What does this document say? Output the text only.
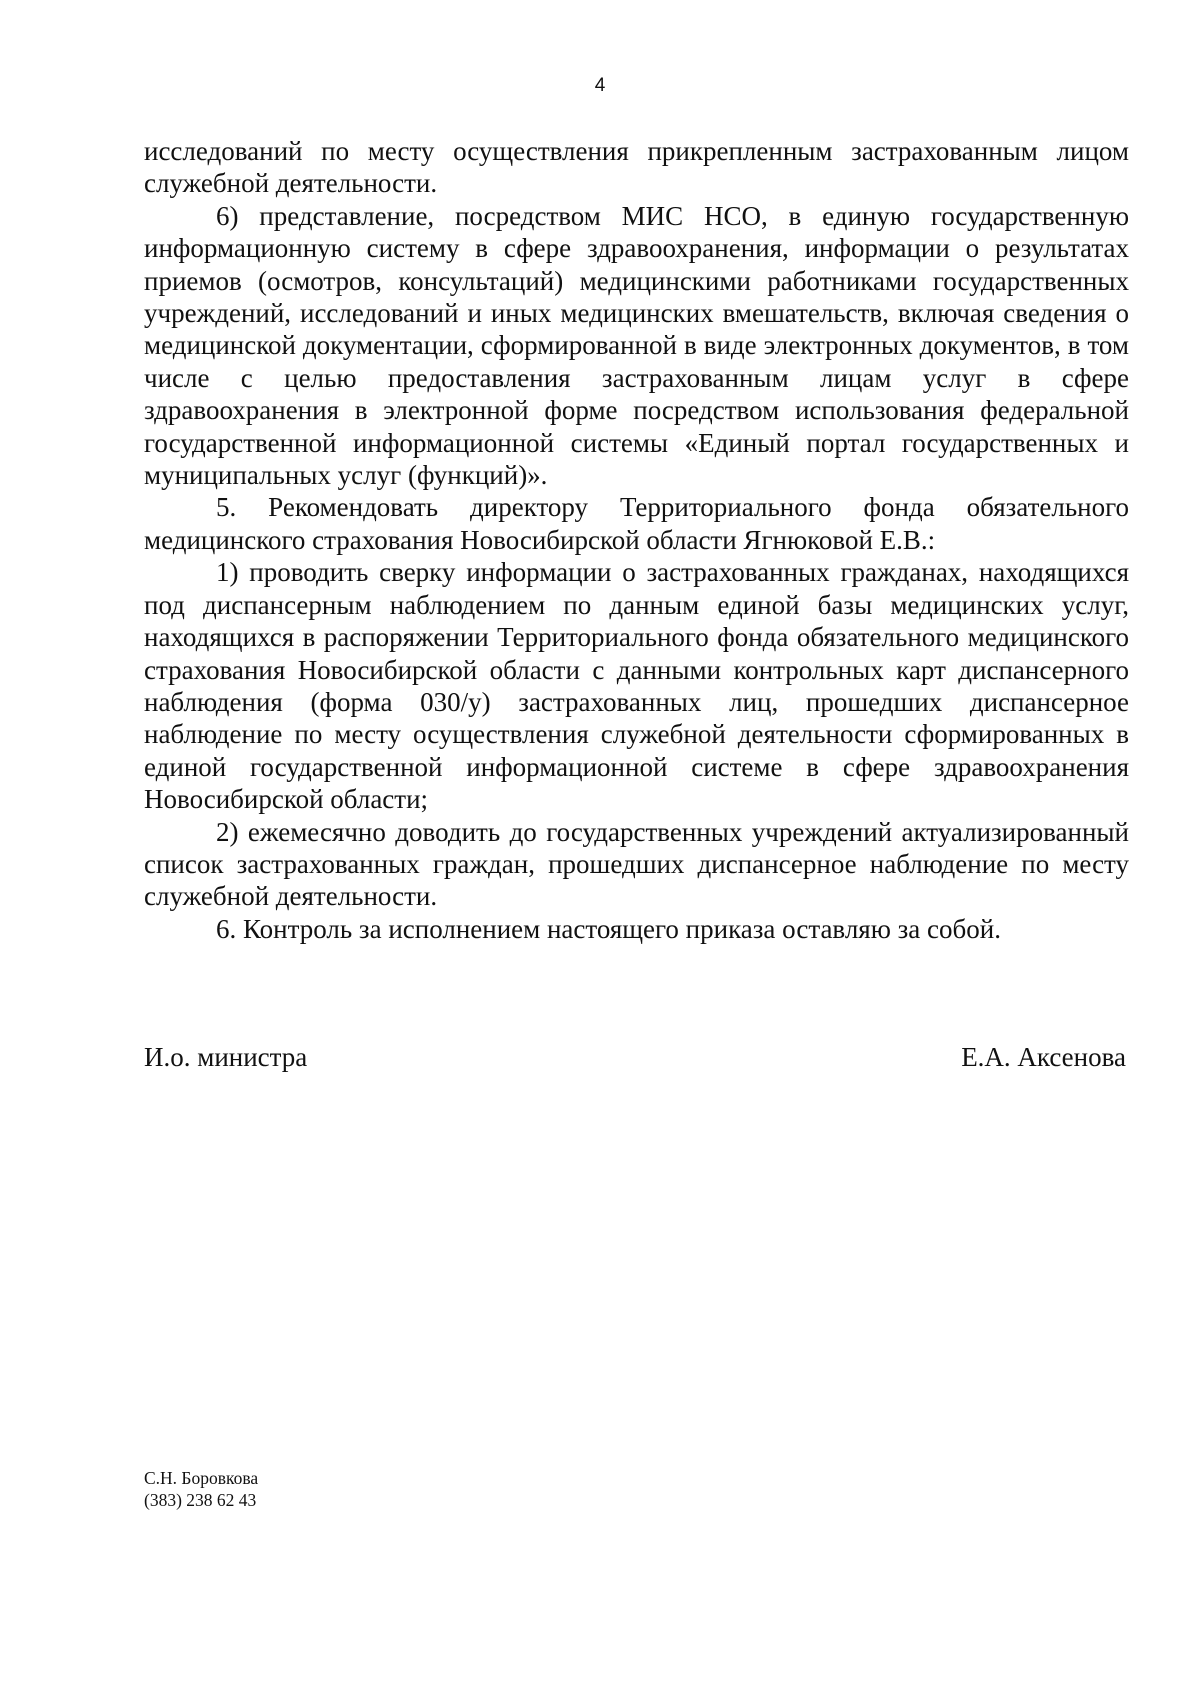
4

исследований по месту осуществления прикрепленным застрахованным лицом служебной деятельности.

6) представление, посредством МИС НСО, в единую государственную информационную систему в сфере здравоохранения, информации о результатах приемов (осмотров, консультаций) медицинскими работниками государственных учреждений, исследований и иных медицинских вмешательств, включая сведения о медицинской документации, сформированной в виде электронных документов, в том числе с целью предоставления застрахованным лицам услуг в сфере здравоохранения в электронной форме посредством использования федеральной государственной информационной системы «Единый портал государственных и муниципальных услуг (функций)».

5. Рекомендовать директору Территориального фонда обязательного медицинского страхования Новосибирской области Ягнюковой Е.В.:

1) проводить сверку информации о застрахованных гражданах, находящихся под диспансерным наблюдением по данным единой базы медицинских услуг, находящихся в распоряжении Территориального фонда обязательного медицинского страхования Новосибирской области с данными контрольных карт диспансерного наблюдения (форма 030/у) застрахованных лиц, прошедших диспансерное наблюдение по месту осуществления служебной деятельности сформированных в единой государственной информационной системе в сфере здравоохранения Новосибирской области;

2) ежемесячно доводить до государственных учреждений актуализированный список застрахованных граждан, прошедших диспансерное наблюдение по месту служебной деятельности.

6. Контроль за исполнением настоящего приказа оставляю за собой.

И.о. министра	Е.А. Аксенова
С.Н. Боровкова
(383) 238 62 43
